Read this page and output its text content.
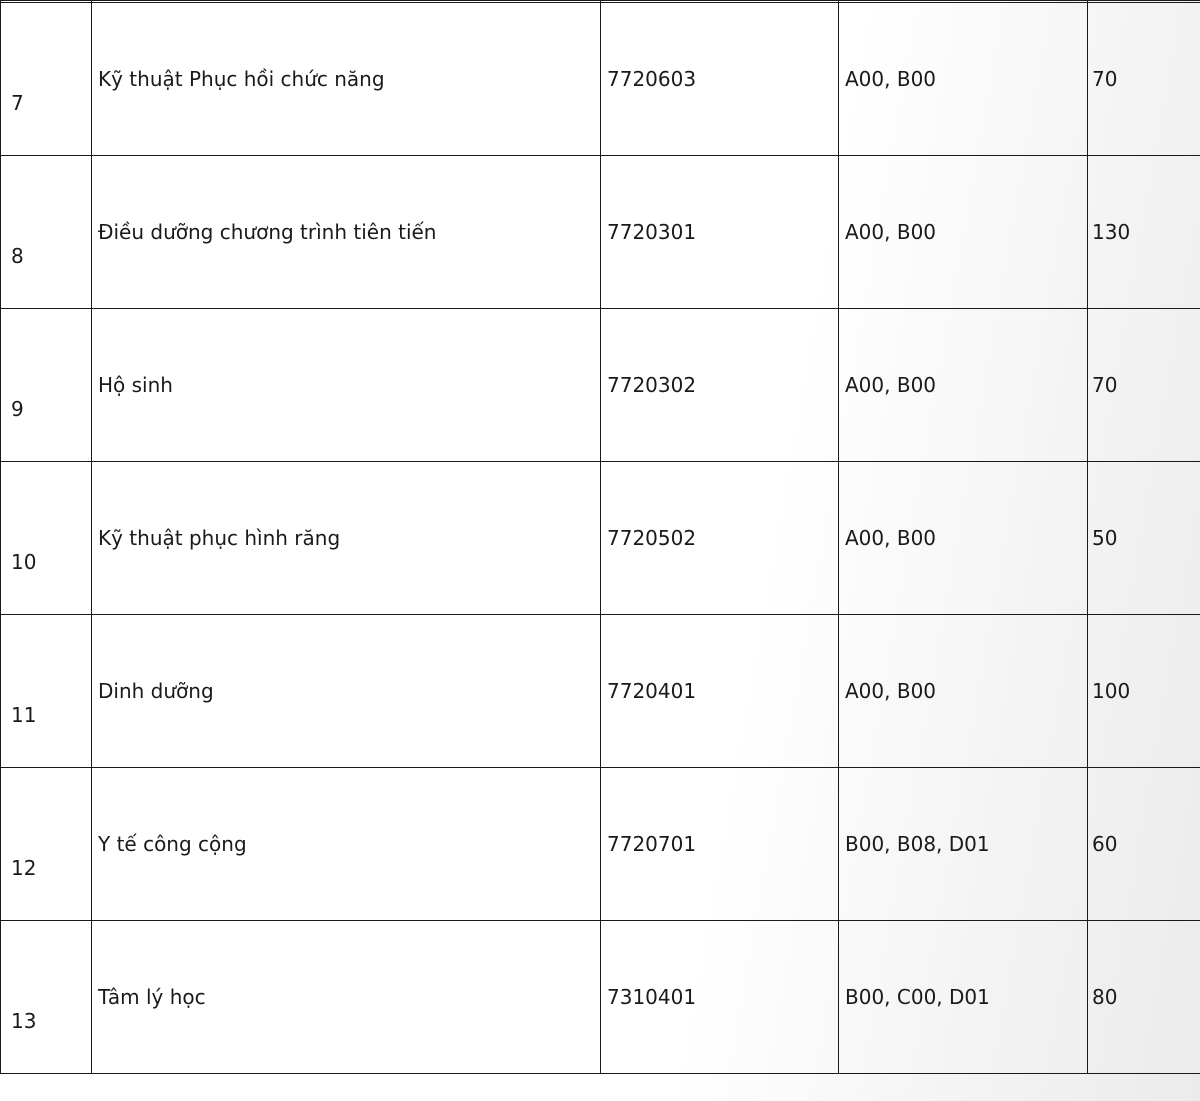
7	Kỹ thuật Phục hồi chức năng	7720603	A00, B00	70
8	Điều dưỡng chương trình tiên tiến	7720301	A00, B00	130
9	Hộ sinh	7720302	A00, B00	70
10	Kỹ thuật phục hình răng	7720502	A00, B00	50
11	Dinh dưỡng	7720401	A00, B00	100
12	Y tế công cộng	7720701	B00, B08, D01	60
13	Tâm lý học	7310401	B00, C00, D01	80
